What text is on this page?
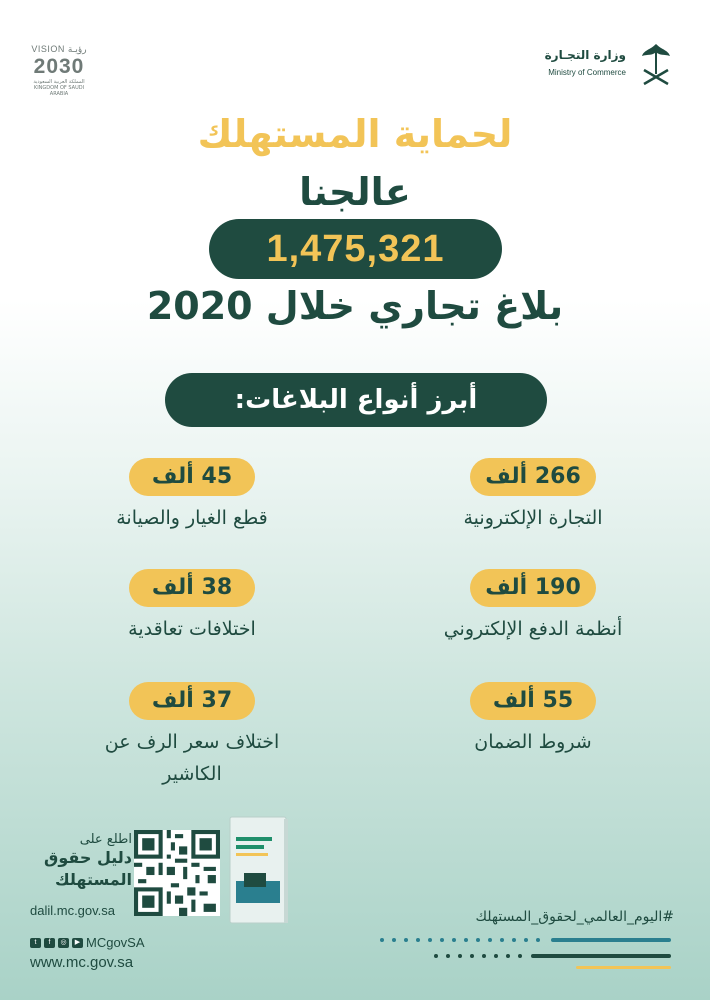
VISION رؤيـة
2030
المملكة العربية السعودية KINGDOM OF SAUDI ARABIA
وزارة التجـارة
Ministry of Commerce
لحماية المستهلك
عالجنا
1,475,321
بلاغ تجاري خلال 2020
أبرز أنواع البلاغات:
266 ألف
التجارة الإلكترونية
45 ألف
قطع الغيار والصيانة
190 ألف
أنظمة الدفع الإلكتروني
38 ألف
اختلافات تعاقدية
55 ألف
شروط الضمان
37 ألف
اختلاف سعر الرف عن الكاشير
اطلع على
دليل حقوق
المستهلك
dalil.mc.gov.sa
t	f	◎	▶ MCgovSA
www.mc.gov.sa
#اليوم_العالمي_لحقوق_المستهلك
